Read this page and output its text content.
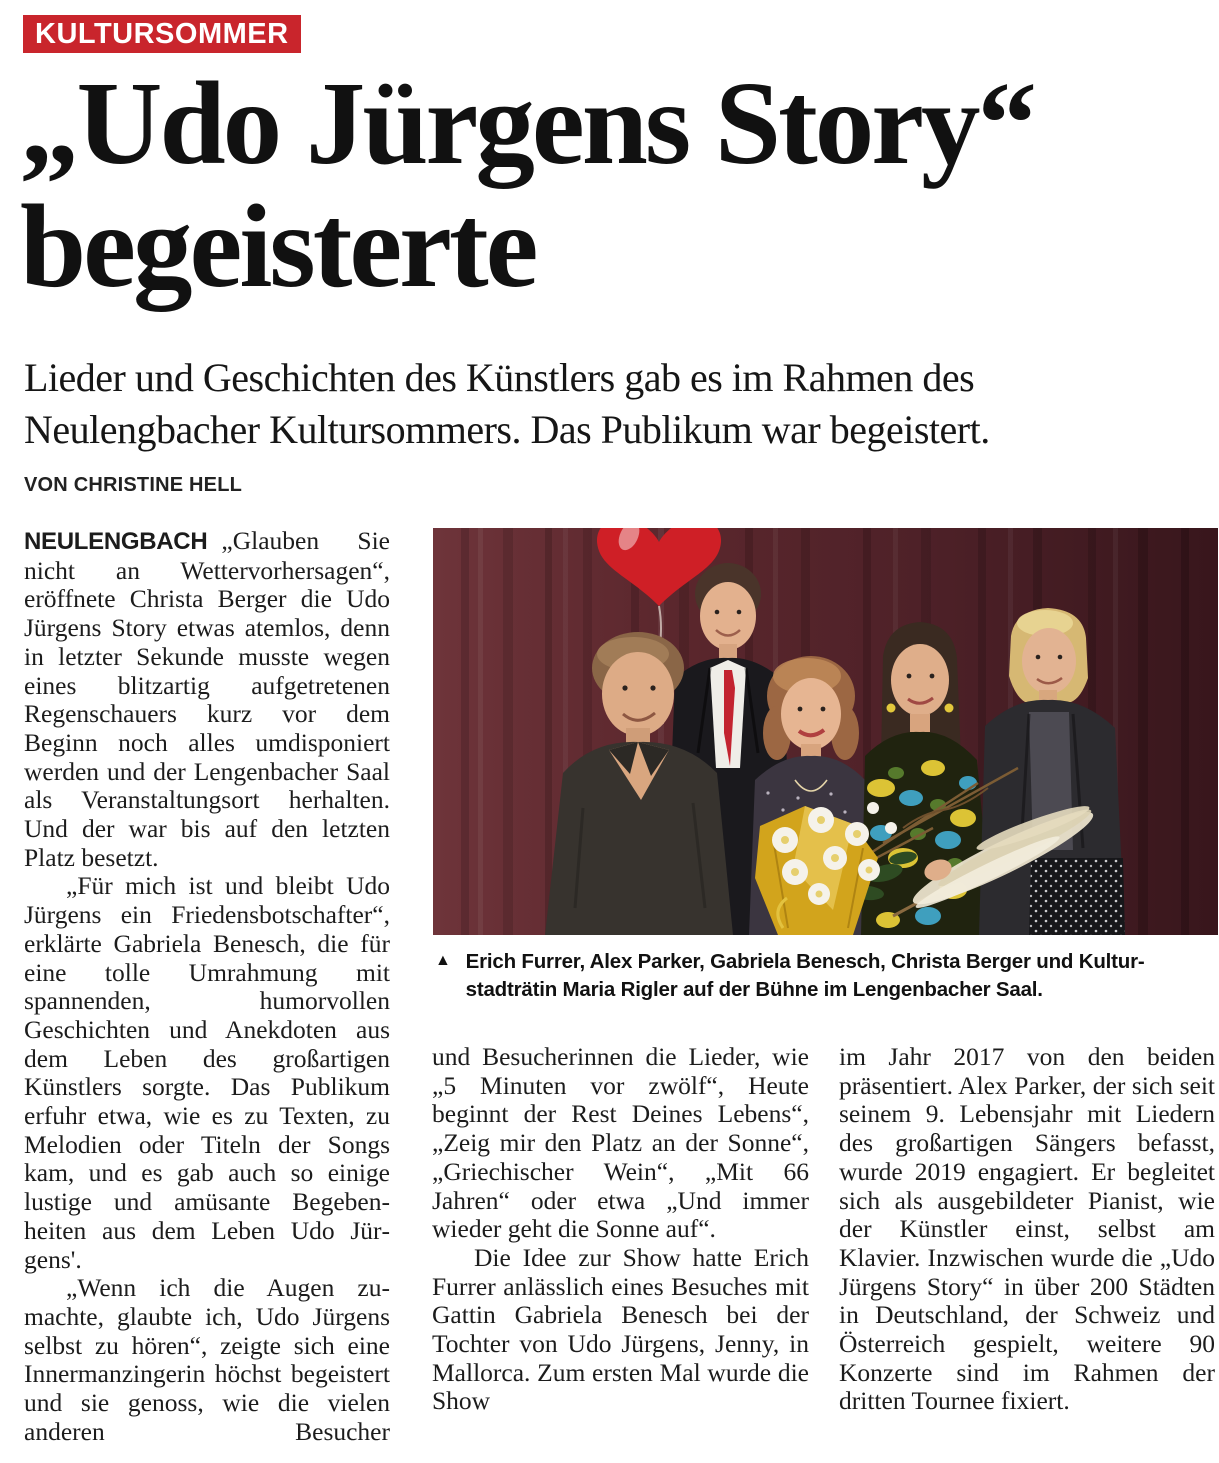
KULTURSOMMER
„Udo Jürgens Story“
begeisterte

Lieder und Geschichten des Künstlers gab es im Rahmen des
Neulengbacher Kultursommers. Das Publikum war begeistert.

VON CHRISTINE HELL

NEULENGBACH „Glauben Sie nicht an Wettervorhersagen“, eröffnete Christa Berger die Udo Jürgens Story etwas atemlos, denn in letzter Sekunde musste wegen eines blitzartig aufgetretenen Regenschauers kurz vor dem Beginn noch alles umdisponiert werden und der Lengenbacher Saal als Veranstaltungsort herhalten. Und der war bis auf den letzten Platz besetzt.

„Für mich ist und bleibt Udo Jürgens ein Friedensbotschafter“, erklärte Gabriela Benesch, die für eine tolle Umrahmung mit spannenden, humorvollen Geschichten und Anekdoten aus dem Leben des großartigen Künstlers sorgte. Das Publikum erfuhr etwa, wie es zu Texten, zu Melodien oder Titeln der Songs kam, und es gab auch so einige lustige und amüsante Begebenheiten aus dem Leben Udo Jürgens'.

„Wenn ich die Augen zumachte, glaubte ich, Udo Jürgens selbst zu hören“, zeigte sich eine Innermanzingerin höchst begeistert und sie genoss, wie die vielen anderen Besucher

▲ Erich Furrer, Alex Parker, Gabriela Benesch, Christa Berger und Kultur-
stadträtin Maria Rigler auf der Bühne im Lengenbacher Saal.

und Besucherinnen die Lieder, wie „5 Minuten vor zwölf“, Heute beginnt der Rest Deines Lebens“, „Zeig mir den Platz an der Sonne“, „Griechischer Wein“, „Mit 66 Jahren“ oder etwa „Und immer wieder geht die Sonne auf“.

Die Idee zur Show hatte Erich Furrer anlässlich eines Besuches mit Gattin Gabriela Benesch bei der Tochter von Udo Jürgens, Jenny, in Mallorca. Zum ersten Mal wurde die Show

im Jahr 2017 von den beiden präsentiert. Alex Parker, der sich seit seinem 9. Lebensjahr mit Liedern des großartigen Sängers befasst, wurde 2019 engagiert. Er begleitet sich als ausgebildeter Pianist, wie der Künstler einst, selbst am Klavier. Inzwischen wurde die „Udo Jürgens Story“ in über 200 Städten in Deutschland, der Schweiz und Österreich gespielt, weitere 90 Konzerte sind im Rahmen der dritten Tournee fixiert.
